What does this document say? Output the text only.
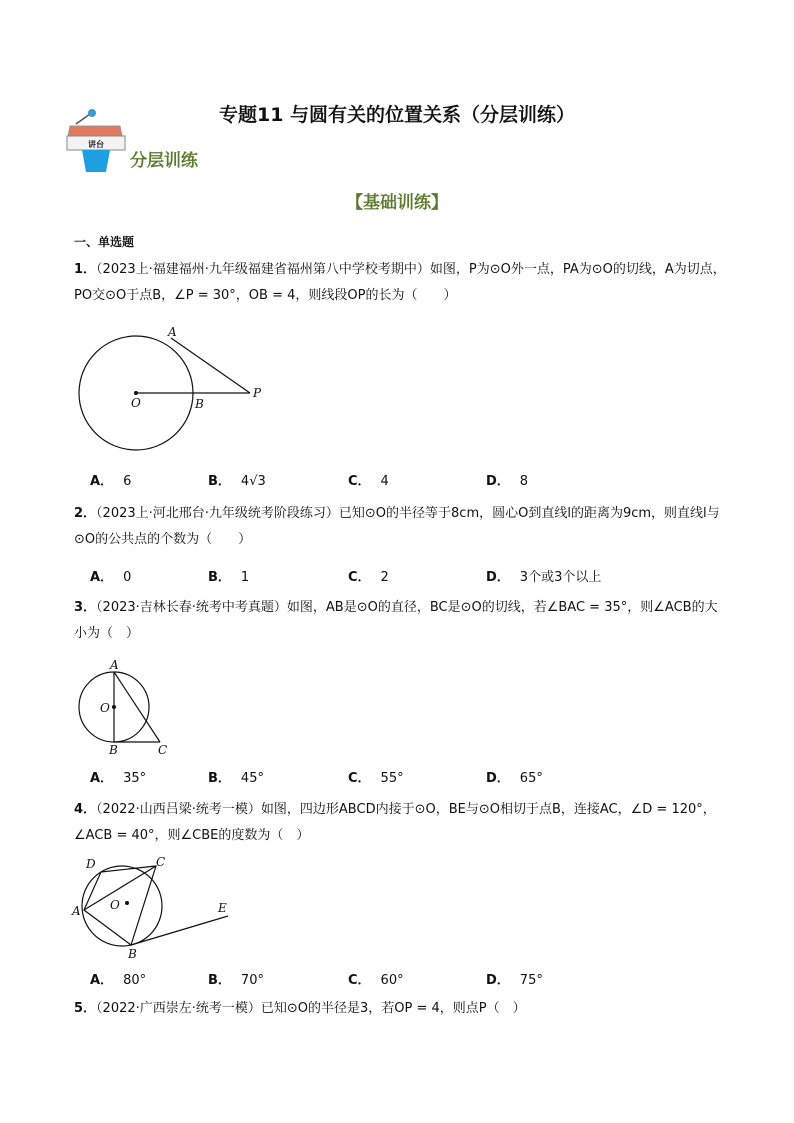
专题11 与圆有关的位置关系（分层训练）
讲台
分层训练
【基础训练】
一、单选题
1．（2023上·福建福州·九年级福建省福州第八中学校考期中）如图，P为⊙O外一点，PA为⊙O的切线，A为切点，PO交⊙O于点B，∠P = 30°，OB = 4，则线段OP的长为（　　）
A
O	B
P
A． 6	B． 4√3	C． 4	D． 8
2．（2023上·河北邢台·九年级统考阶段练习）已知⊙O的半径等于8cm，圆心O到直线l的距离为9cm，则直线l与⊙O的公共点的个数为（　　）
A． 0	B． 1	C． 2	D． 3个或3个以上
3．（2023·吉林长春·统考中考真题）如图，AB是⊙O的直径，BC是⊙O的切线，若∠BAC = 35°，则∠ACB的大小为（　）
A
O
B	C
A． 35°	B． 45°	C． 55°	D． 65°
4．（2022·山西吕梁·统考一模）如图，四边形ABCD内接于⊙O，BE与⊙O相切于点B，连接AC，∠D = 120°，∠ACB = 40°，则∠CBE的度数为（　）
D	C
A O
B
E
A． 80°	B． 70°	C． 60°	D． 75°
5．（2022·广西崇左·统考一模）已知⊙O的半径是3，若OP = 4，则点P（　）
